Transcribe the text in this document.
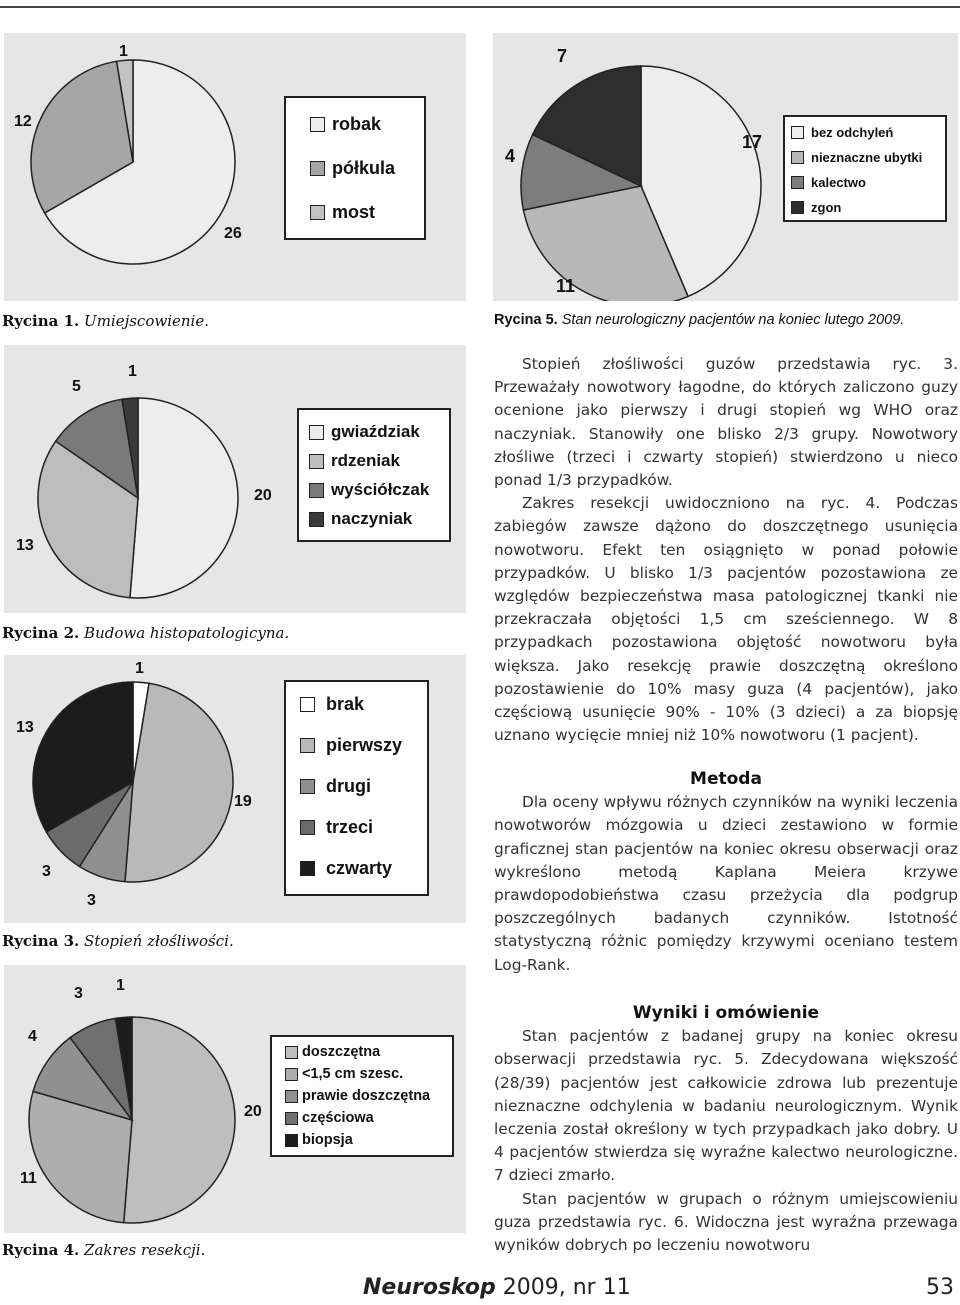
1
12
26
robak
półkula
most
Rycina 1. Umiejscowienie.
7
17
4
11
bez odchyleń
nieznaczne ubytki
kalectwo
zgon
Rycina 5. Stan neurologiczny pacjentów na koniec lutego 2009.
1
5
20
13
gwiaździak
rdzeniak
wyściółczak
naczyniak
Rycina 2. Budowa histopatologicyna.
1
13
19
3
3
brak
pierwszy
drugi
trzeci
czwarty
Rycina 3. Stopień złośliwości.
1
3
4
20
11
doszczętna
<1,5 cm szesc.
prawie doszczętna
częściowa
biopsja
Rycina 4. Zakres resekcji.

Stopień złośliwości guzów przedstawia ryc. 3. Przeważały nowotwory łagodne, do których zaliczono guzy ocenione jako pierwszy i drugi stopień wg WHO oraz naczyniak. Stanowiły one blisko 2/3 grupy. Nowotwory złośliwe (trzeci i czwarty stopień) stwierdzono u nieco ponad 1/3 przypadków.

Zakres resekcji uwidoczniono na ryc. 4. Podczas zabiegów zawsze dążono do doszczętnego usunięcia nowotworu. Efekt ten osiągnięto w ponad połowie przypadków. U blisko 1/3 pacjentów pozostawiona ze względów bezpieczeństwa masa patologicznej tkanki nie przekraczała objętości 1,5 cm sześciennego. W 8 przypadkach pozostawiona objętość nowotworu była większa. Jako resekcję prawie doszczętną określono pozostawienie do 10% masy guza (4 pacjentów), jako częściową usunięcie 90% - 10% (3 dzieci) a za biopsję uznano wycięcie mniej niż 10% nowotworu (1 pacjent).

Metoda

Dla oceny wpływu różnych czynników na wyniki leczenia nowotworów mózgowia u dzieci zestawiono w formie graficznej stan pacjentów na koniec okresu obserwacji oraz wykreślono metodą Kaplana Meiera krzywe prawdopodobieństwa czasu przeżycia dla podgrup poszczególnych badanych czynników. Istotność statystyczną różnic pomiędzy krzywymi oceniano testem Log-Rank.

Wyniki i omówienie

Stan pacjentów z badanej grupy na koniec okresu obserwacji przedstawia ryc. 5. Zdecydowana większość (28/39) pacjentów jest całkowicie zdrowa lub prezentuje nieznaczne odchylenia w badaniu neurologicznym. Wynik leczenia został określony w tych przypadkach jako dobry. U 4 pacjentów stwierdza się wyraźne kalectwo neurologiczne. 7 dzieci zmarło.

Stan pacjentów w grupach o różnym umiejscowieniu guza przedstawia ryc. 6. Widoczna jest wyraźna przewaga wyników dobrych po leczeniu nowotworu

Neuroskop 2009, nr 11	53
